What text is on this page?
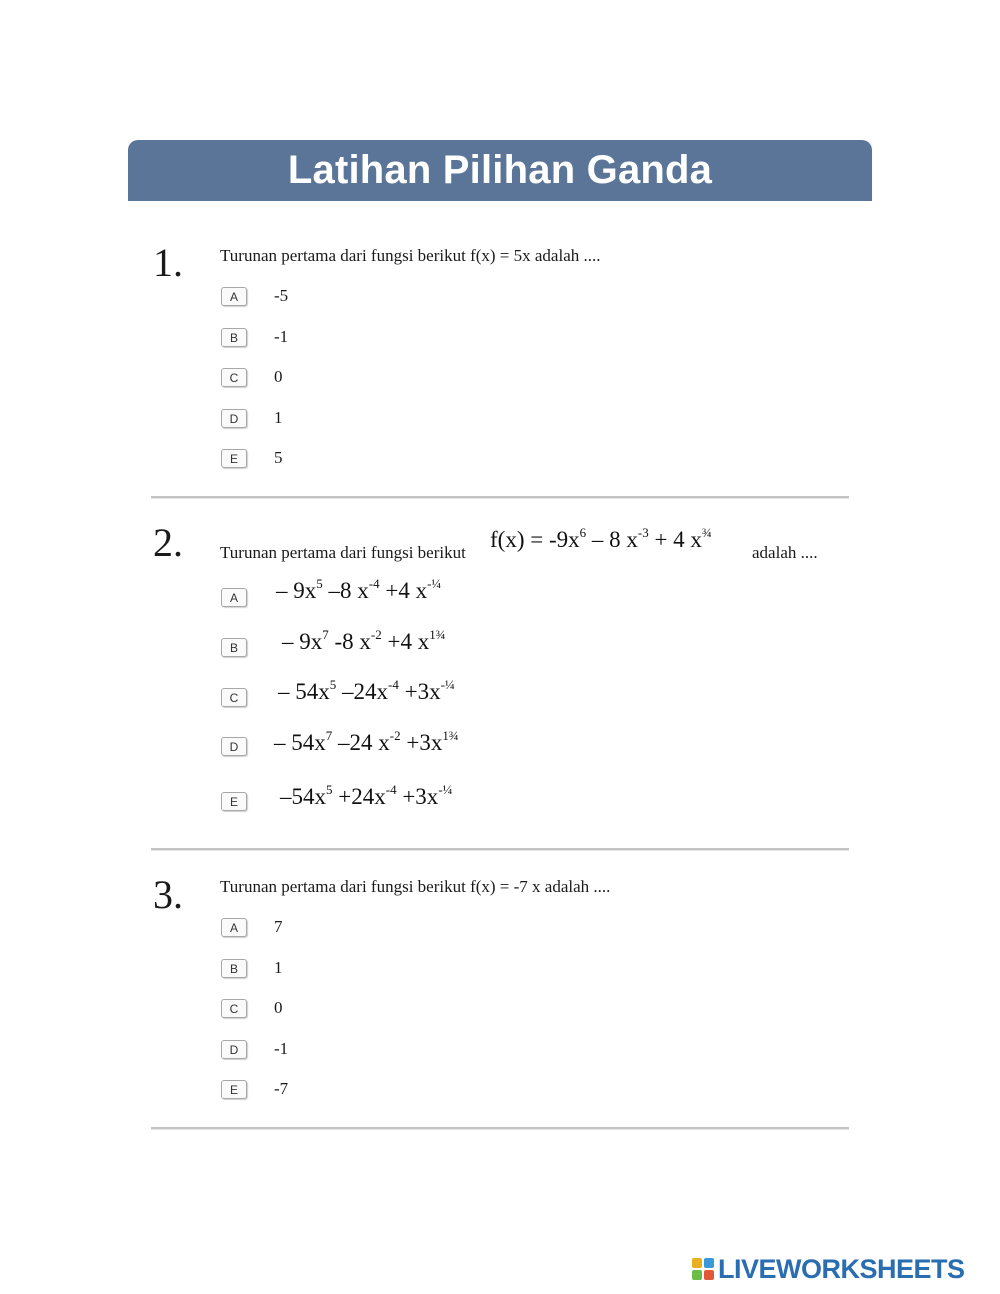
Latihan Pilihan Ganda
1. Turunan pertama dari fungsi berikut f(x) = 5x adalah ....
A	-5
B	-1
C	0
D	1
E	5
2. Turunan pertama dari fungsi berikut
$f(x) = -9x^6 - 8$ $x^{-3} + 4$ $x^{\frac{3}{4}}$
adalah ....
A	– $9x^5$ –8 $x^{-4} +4$ $x^{-\frac{1}{4}}$
B	– $9x^7$ -8 $x^{-2} +4$ $x^{1\frac{3}{4}}$
C	– $54x^5$ $-24x^{-4} +3x^{-\frac{1}{4}}$
D	– $54x^7$ –24 $x^{-2} +3x^{1\frac{3}{4}}$
E	$-54x^5 +24x^{-4} +3x^{-\frac{1}{4}}$
3. Turunan pertama dari fungsi berikut f(x) = -7 x adalah ....
A	7
B	1
C	0
D	-1
E	-7
LIVEWORKSHEETS
